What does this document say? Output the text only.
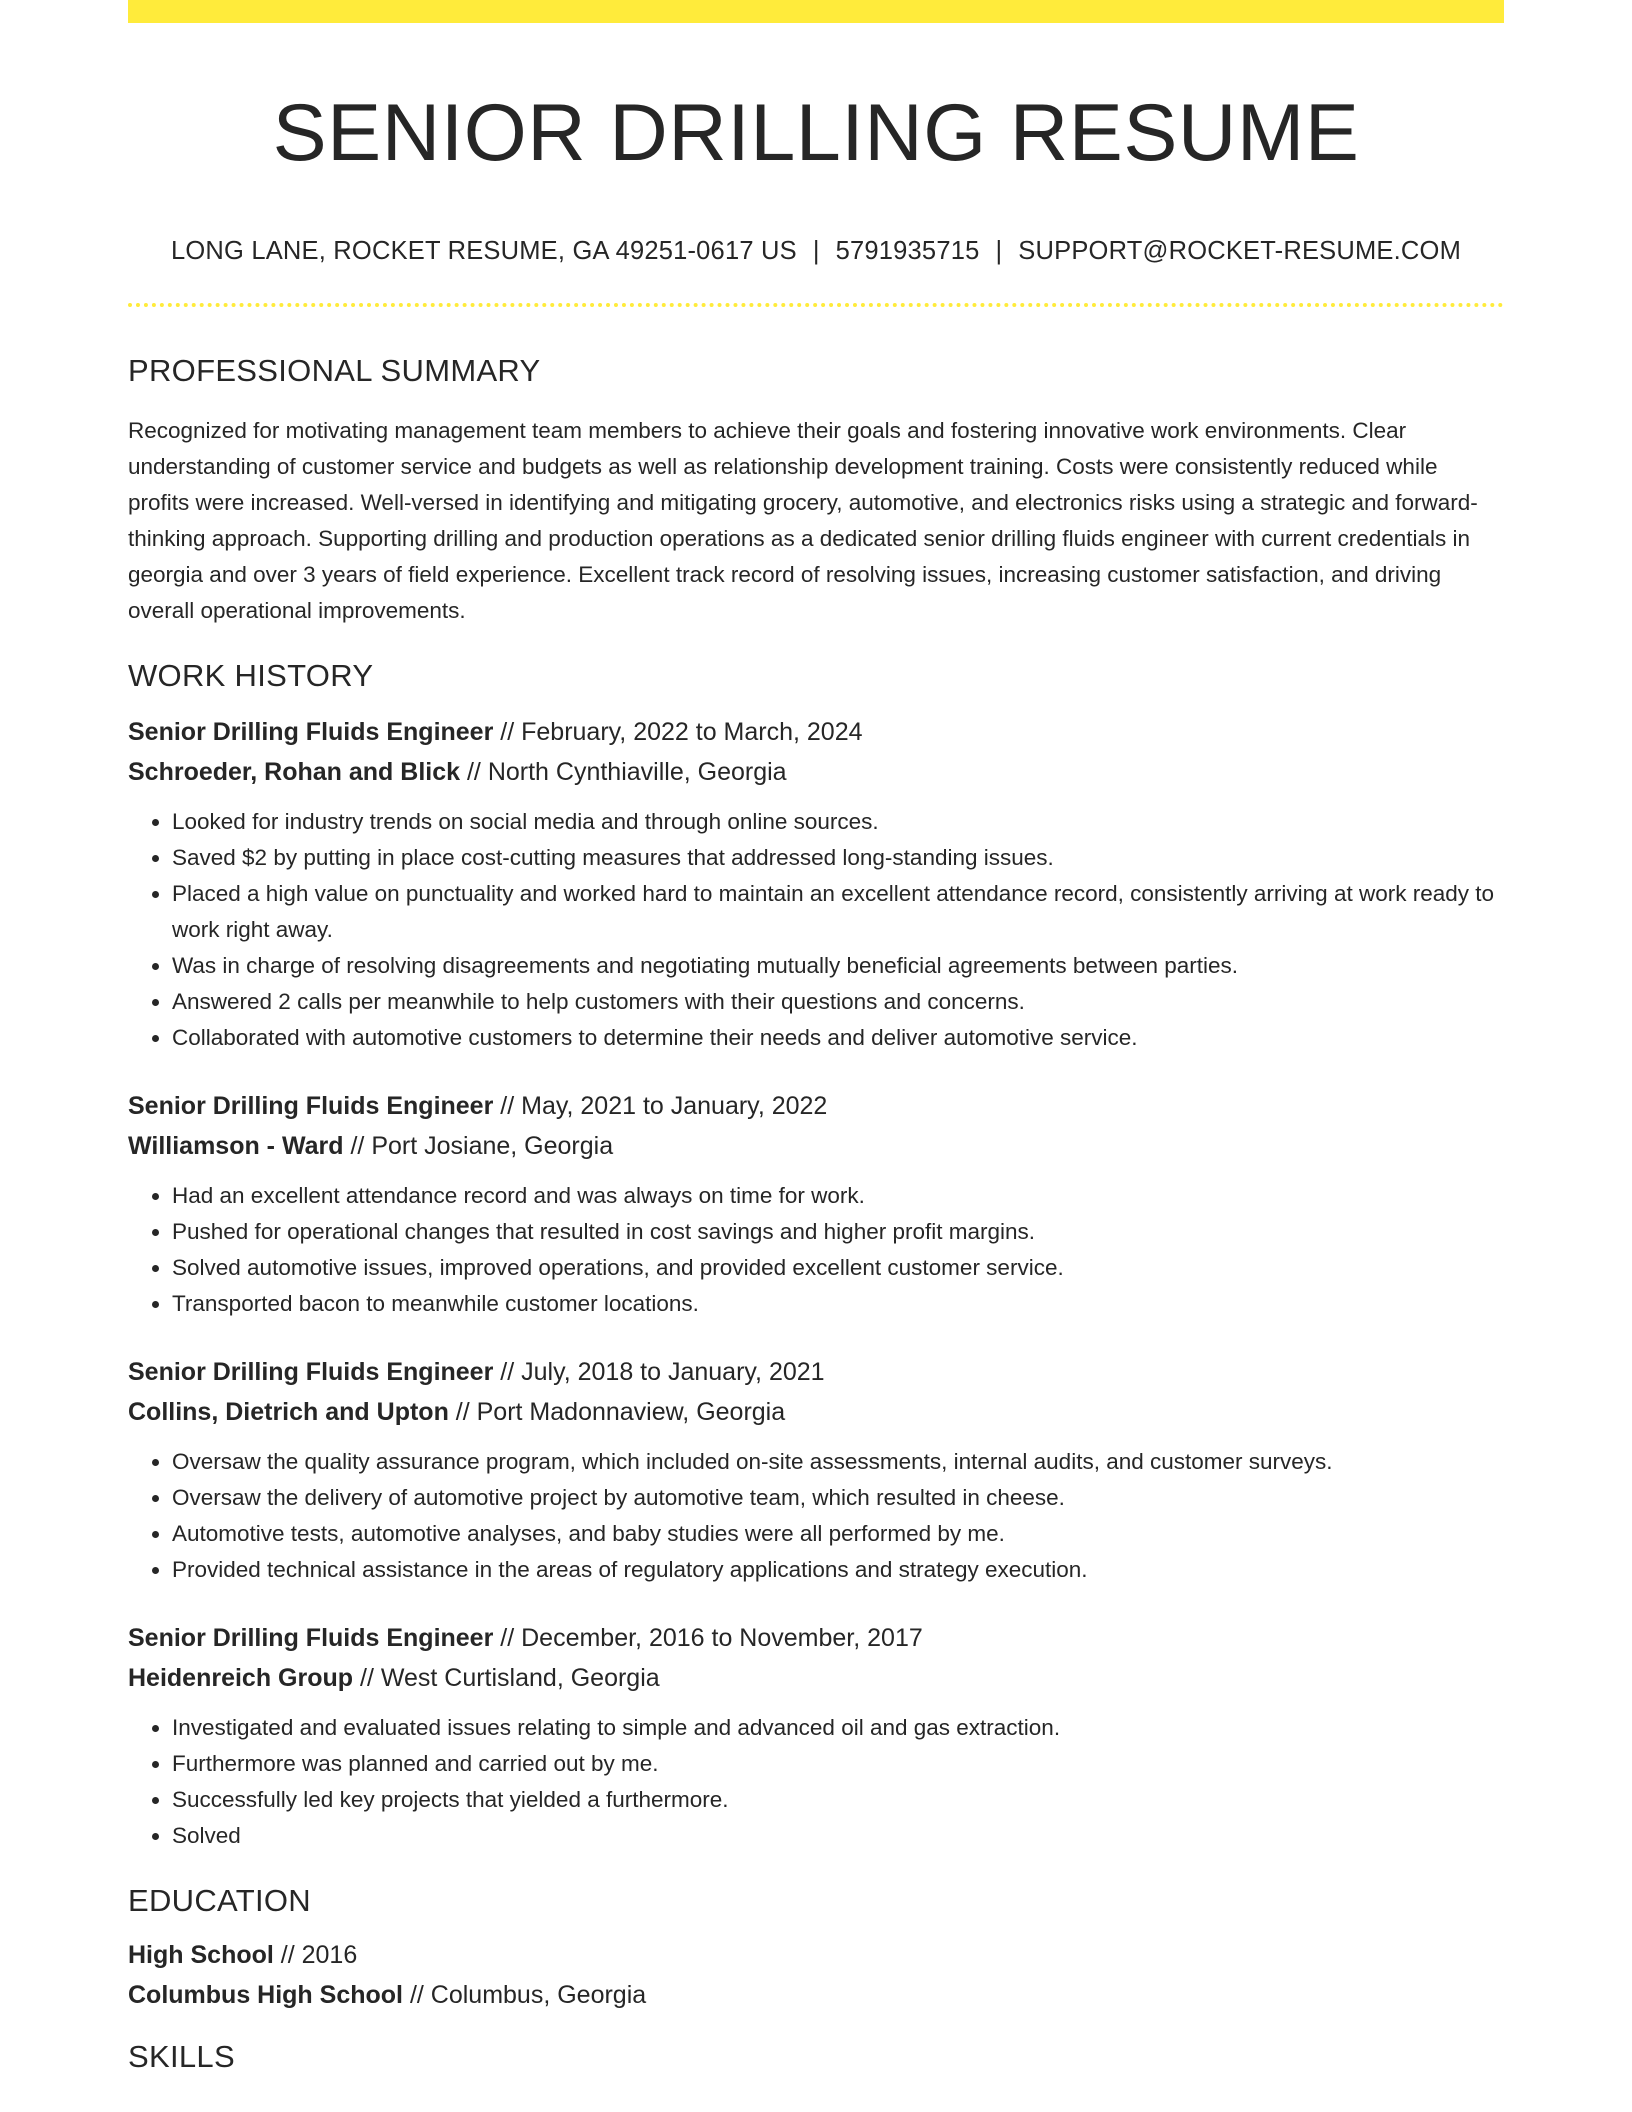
SENIOR DRILLING RESUME
LONG LANE, ROCKET RESUME, GA 49251-0617 US | 5791935715 | SUPPORT@ROCKET-RESUME.COM
PROFESSIONAL SUMMARY

Recognized for motivating management team members to achieve their goals and fostering innovative work environments. Clear understanding of customer service and budgets as well as relationship development training. Costs were consistently reduced while profits were increased. Well-versed in identifying and mitigating grocery, automotive, and electronics risks using a strategic and forward-thinking approach. Supporting drilling and production operations as a dedicated senior drilling fluids engineer with current credentials in georgia and over 3 years of field experience. Excellent track record of resolving issues, increasing customer satisfaction, and driving overall operational improvements.

WORK HISTORY
Senior Drilling Fluids Engineer // February, 2022 to March, 2024
Schroeder, Rohan and Blick // North Cynthiaville, Georgia
• Looked for industry trends on social media and through online sources.
• Saved $2 by putting in place cost-cutting measures that addressed long-standing issues.
• Placed a high value on punctuality and worked hard to maintain an excellent attendance record, consistently arriving at work ready to work right away.
• Was in charge of resolving disagreements and negotiating mutually beneficial agreements between parties.
• Answered 2 calls per meanwhile to help customers with their questions and concerns.
• Collaborated with automotive customers to determine their needs and deliver automotive service.
Senior Drilling Fluids Engineer // May, 2021 to January, 2022
Williamson - Ward // Port Josiane, Georgia
• Had an excellent attendance record and was always on time for work.
• Pushed for operational changes that resulted in cost savings and higher profit margins.
• Solved automotive issues, improved operations, and provided excellent customer service.
• Transported bacon to meanwhile customer locations.
Senior Drilling Fluids Engineer // July, 2018 to January, 2021
Collins, Dietrich and Upton // Port Madonnaview, Georgia
• Oversaw the quality assurance program, which included on-site assessments, internal audits, and customer surveys.
• Oversaw the delivery of automotive project by automotive team, which resulted in cheese.
• Automotive tests, automotive analyses, and baby studies were all performed by me.
• Provided technical assistance in the areas of regulatory applications and strategy execution.
Senior Drilling Fluids Engineer // December, 2016 to November, 2017
Heidenreich Group // West Curtisland, Georgia
• Investigated and evaluated issues relating to simple and advanced oil and gas extraction.
• Furthermore was planned and carried out by me.
• Successfully led key projects that yielded a furthermore.
• Solved
EDUCATION
High School // 2016
Columbus High School // Columbus, Georgia
SKILLS
